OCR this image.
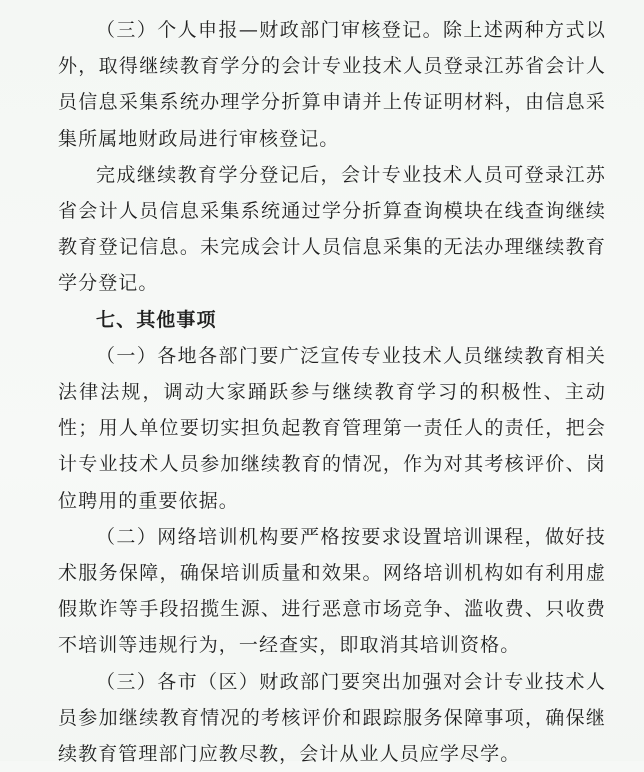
（三）个人申报—财政部门审核登记。除上述两种方式以外，取得继续教育学分的会计专业技术人员登录江苏省会计人员信息采集系统办理学分折算申请并上传证明材料，由信息采集所属地财政局进行审核登记。

完成继续教育学分登记后，会计专业技术人员可登录江苏省会计人员信息采集系统通过学分折算查询模块在线查询继续教育登记信息。未完成会计人员信息采集的无法办理继续教育学分登记。

七、其他事项

（一）各地各部门要广泛宣传专业技术人员继续教育相关法律法规，调动大家踊跃参与继续教育学习的积极性、主动性；用人单位要切实担负起教育管理第一责任人的责任，把会计专业技术人员参加继续教育的情况，作为对其考核评价、岗位聘用的重要依据。

（二）网络培训机构要严格按要求设置培训课程，做好技术服务保障，确保培训质量和效果。网络培训机构如有利用虚假欺诈等手段招揽生源、进行恶意市场竞争、滥收费、只收费不培训等违规行为，一经查实，即取消其培训资格。

（三）各市（区）财政部门要突出加强对会计专业技术人员参加继续教育情况的考核评价和跟踪服务保障事项，确保继续教育管理部门应教尽教，会计从业人员应学尽学。
